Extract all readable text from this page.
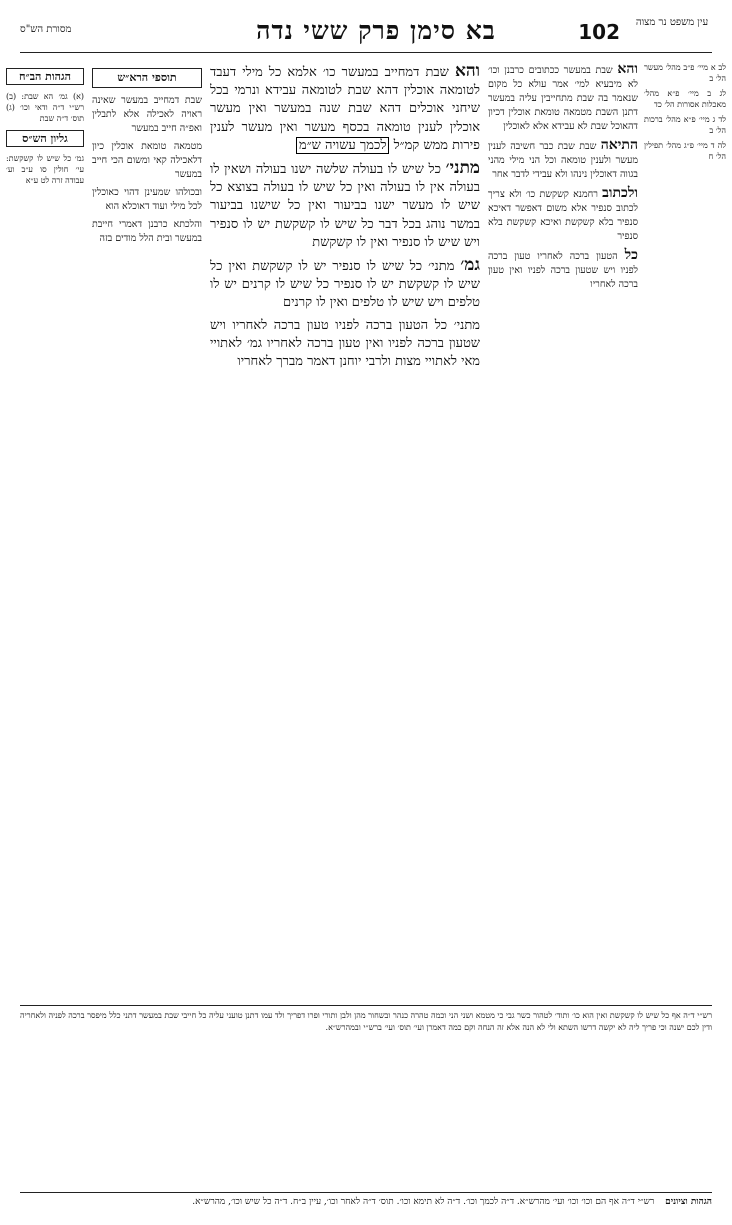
עין משפט נר מצוה
102
בא סימן פרק ששי נדה
מסורת הש"ס

לב א מיי׳ פ״ב מהל׳ מעשר הל׳ ב

לג ב מיי׳ פ״א מהל׳ מאכלות אסורות הל׳ כד

לד ג מיי׳ פ״א מהל׳ ברכות הל׳ ב

לה ד מיי׳ פ״ג מהל׳ תפילין הל׳ ח

והא שבת במעשר ככתובים כרבנן וכו׳ לא מיבעיא למי׳ אמר עולא כל מקום שנאמר בה שבת מתחייבין עליה במעשר דתנן השבת מטמאה טומאת אוכלין דכיון דהאוכל שבת לא עבידא אלא לאוכלין

התיאה שבת שבת כבר חשיבה לענין מעשר ולענין טומאה וכל הני מילי מהני בגווה דאוכלין נינהו ולא עבידי לדבר אחר

ולכתוב רחמנא קשקשת כו׳ ולא צריך לכתוב סנפיר אלא משום דאפשר דאיכא סנפיר בלא קשקשת ואיכא קשקשת בלא סנפיר

כל הטעון ברכה לאחריו טעון ברכה לפניו ויש שטעון ברכה לפניו ואין טעון ברכה לאחריו

והא שבת דמחייב במעשר כו׳ אלמא כל מילי דעבד לטומאה אוכלין דהא שבת לטומאה עבידא ונרמי בכל שיחני אוכלים דהא שבת שנה במעשר ואין מעשר אוכלין לענין טומאה בכסף מעשר ואין מעשר לענין פירות ממש קמ״ל לכמך עשויה ש״מ

מתני׳ כל שיש לו בעולה שלשה ישנו בעולה ושאין לו בעולה אין לו בעולה ואין כל שיש לו בעולה בצוצא כל שיש לו מעשר ישנו בביעור ואין כל שישנו בביעור במשר נוהג בכל דבר כל שיש לו קשקשת יש לו סנפיר ויש שיש לו סנפיר ואין לו קשקשת

גמ׳ מתני׳ כל שיש לו סנפיר יש לו קשקשת ואין כל שיש לו קשקשת יש לו סנפיר כל שיש לו קרנים יש לו טלפים ויש שיש לו טלפים ואין לו קרנים

מתני׳ כל הטעון ברכה לפניו טעון ברכה לאחריו ויש שטעון ברכה לפניו ואין טעון ברכה לאחריו גמ׳ לאתויי מאי לאתויי מצות ולרבי יוחנן דאמר מברך לאחריו

תוספי הרא״ש

שבת דמחייב במעשר שאינה ראויה לאכילה אלא לתבלין ואפ״ה חייב במעשר

מטמאה טומאת אוכלין כיון דלאכילה קאי ומשום הכי חייב במעשר

ובכולהו שמעינן דהוי כאוכלין לכל מילי ועוד דאוכלא הוא

והלכתא כרבנן דאמרי חייבת במעשר ובית הלל מודים בזה

הגהות הב״ח

(א) גמ׳ הא שבת: (ב) רש״י ד״ה ודאי וכו׳ (ג) תוס׳ ד״ה שבת

גליון הש״ס

גמ׳ כל שיש לו קשקשת: עי׳ חולין סו ע״ב וע׳ עבודה זרה לט ע״א

רש״י ד״ה אף כל שיש לו קשקשת ואין הוא כו׳ ותוד׳ לטהור כשר גבי כי מטמא ושני הני וכמה טהרה כנהר ובשחור מהן ולבן ותורי ופרו דפריך ולד עמו דתנן טועני עליה כל חייבי שבת במעשר דתני כלל מיפסר ברכה לפניה ולאחריה ודין לכם ישנה וכי פריך ליה לא יקשה דרשו השתא ולי לא הנה אלא זה הנחה וקם כמה דאמרן ועי׳ תוס׳ ועי׳ ברש״י ובמהרש״א.
הגהות וציונים רש״י ד״ה אף הם וכו׳ וכו׳ ועי׳ מהרש״א. ד״ה לכמך וכו׳. ד״ה לא תימא וכו׳. תוס׳ ד״ה לאחר וכו׳, עיין ב״ח. ד״ה כל שיש וכו׳, מהרש״א.
